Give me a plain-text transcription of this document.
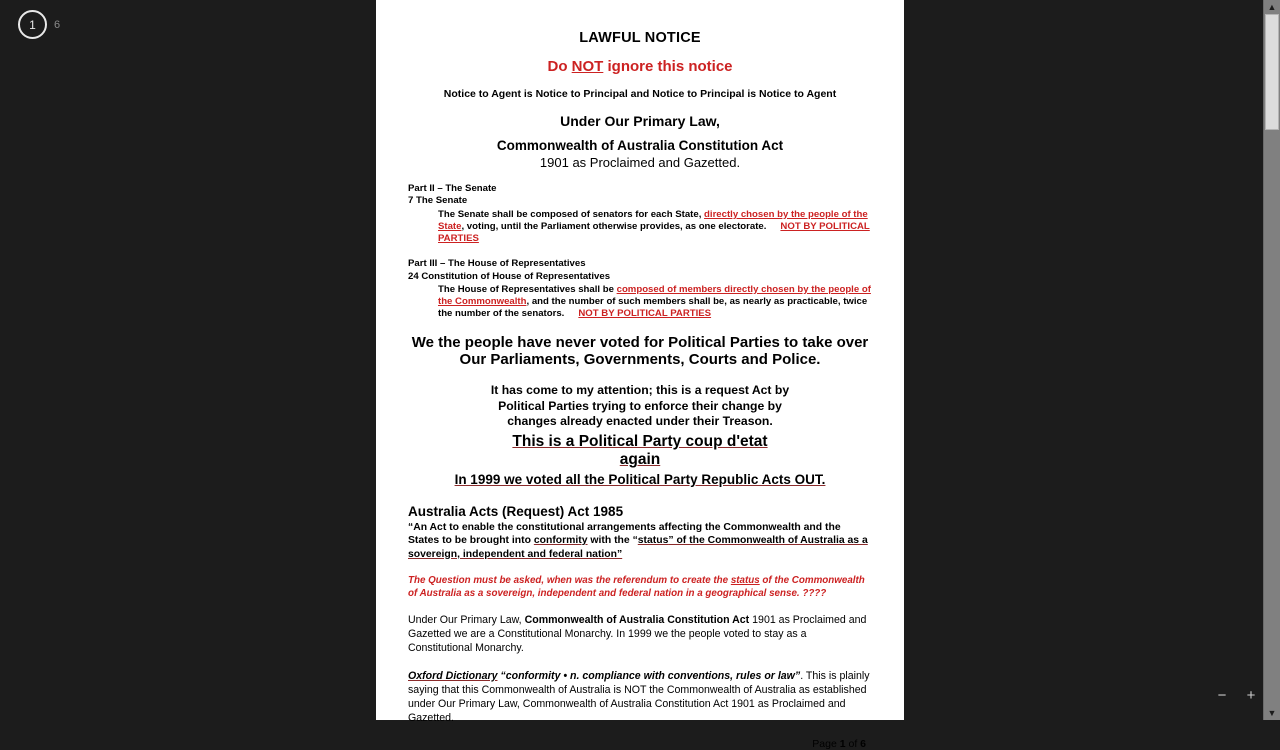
1	6
LAWFUL NOTICE
Do NOT ignore this notice
Notice to Agent is Notice to Principal and Notice to Principal is Notice to Agent
Under Our Primary Law,
Commonwealth of Australia Constitution Act
1901 as Proclaimed and Gazetted.
Part II – The Senate
7 The Senate
The Senate shall be composed of senators for each State, directly chosen by the people of the State, voting, until the Parliament otherwise provides, as one electorate. NOT BY POLITICAL PARTIES
Part III – The House of Representatives
24 Constitution of House of Representatives
The House of Representatives shall be composed of members directly chosen by the people of the Commonwealth, and the number of such members shall be, as nearly as practicable, twice the number of the senators. NOT BY POLITICAL PARTIES
We the people have never voted for Political Parties to take over Our Parliaments, Governments, Courts and Police.
It has come to my attention; this is a request Act by
Political Parties trying to enforce their change by
changes already enacted under their Treason.
This is a Political Party coup d'etat
again
In 1999 we voted all the Political Party Republic Acts OUT.
Australia Acts (Request) Act 1985
“An Act to enable the constitutional arrangements affecting the Commonwealth and the States to be brought into conformity with the “status” of the Commonwealth of Australia as a sovereign, independent and federal nation”
The Question must be asked, when was the referendum to create the status of the Commonwealth of Australia as a sovereign, independent and federal nation in a geographical sense. ????
Under Our Primary Law, Commonwealth of Australia Constitution Act 1901 as Proclaimed and Gazetted we are a Constitutional Monarchy. In 1999 we the people voted to stay as a Constitutional Monarchy.
Oxford Dictionary “conformity • n. compliance with conventions, rules or law”. This is plainly saying that this Commonwealth of Australia is NOT the Commonwealth of Australia as established under Our Primary Law, Commonwealth of Australia Constitution Act 1901 as Proclaimed and Gazetted.
Page 1 of 6
− +
▲
▼
